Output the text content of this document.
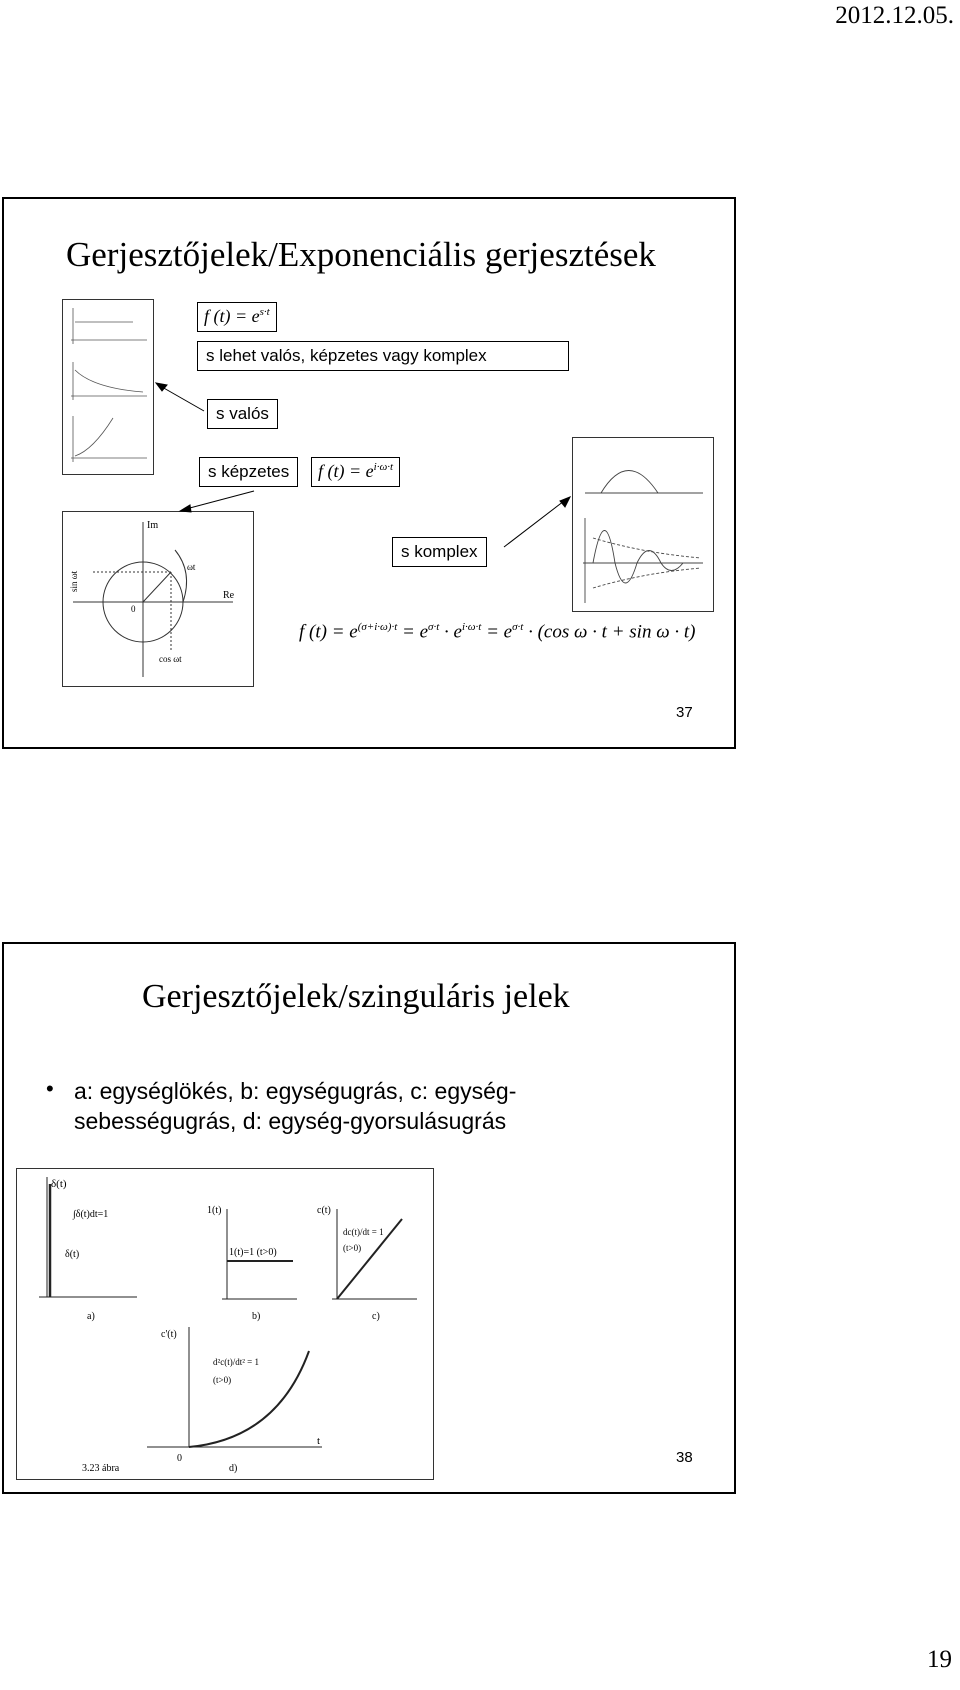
2012.12.05.
Gerjesztőjelek/Exponenciális gerjesztések
f $(t) = e^{s\cdot t}$
s lehet valós, képzetes vagy komplex
s valós
s képzetes	f $(t) = e^{i\cdot\omega\cdot t}$
s komplex
Im
Re
ωt
0
cos ωt
sin ωt
f $(t) = e^{(\sigma+i\cdot\omega)\cdot t} = e^{\sigma\cdot t} \cdot e^{i\cdot\omega\cdot t} = e^{\sigma\cdot t} \cdot (\cos$ ω · t + sin ω · t)
37
Gerjesztőjelek/szinguláris jelek
• a: egységlökés, b: egységugrás, c: egység-
sebességugrás, d: egység-gyorsulásugrás
δ(t)
∫δ(t)dt=1
δ(t)
a)
1(t)
1(t)=1 (t>0)
b)
c(t)
dc(t)/dt = 1
(t>0)
c)
c'(t)
d²c(t)/dt² = 1
(t>0)
d)
3.23 ábra
t
0	38
19
